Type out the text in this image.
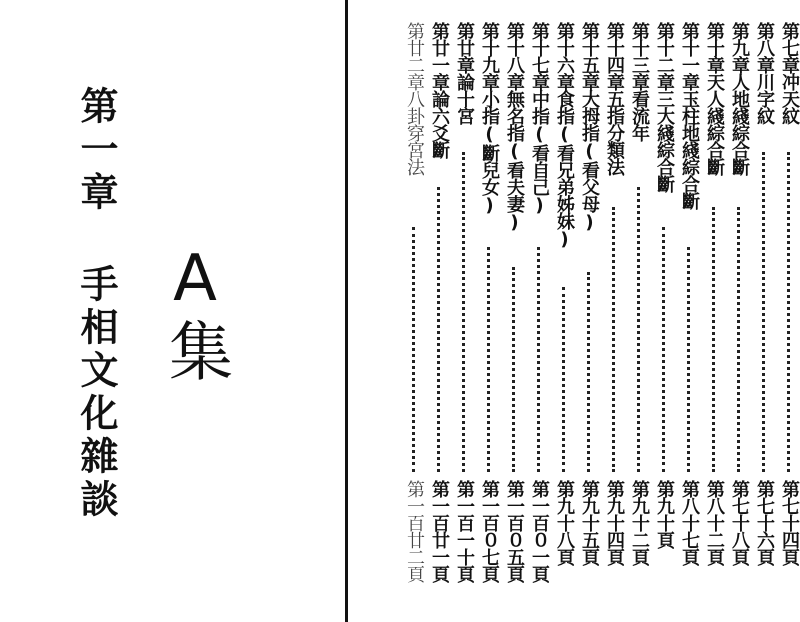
第一章 手相文化雜談 A集
第七章冲天紋
第七十四頁
第八章川字紋
第七十六頁
第九章人地綫綜合斷
第七十八頁
第十章天人綫綜合斷
第八十二頁
第十一章玉柱地綫綜合斷
第八十七頁
第十二章三大綫綜合斷
第九十頁
第十三章看流年
第九十二頁
第十四章五指分類法
第九十四頁
第十五章大拇指(看父母)
第九十五頁
第十六章食指(看兄弟姊妹)
第九十八頁
第十七章中指(看自己)
第一百０一頁
第十八章無名指(看夫妻)
第一百０五頁
第十九章小指(斷兒女)
第一百０七頁
第廿章論十宮
第一百一十頁
第廿一章論六爻斷
第一百廿一頁
第廿二章八卦穿宮法
第一百廿二頁
